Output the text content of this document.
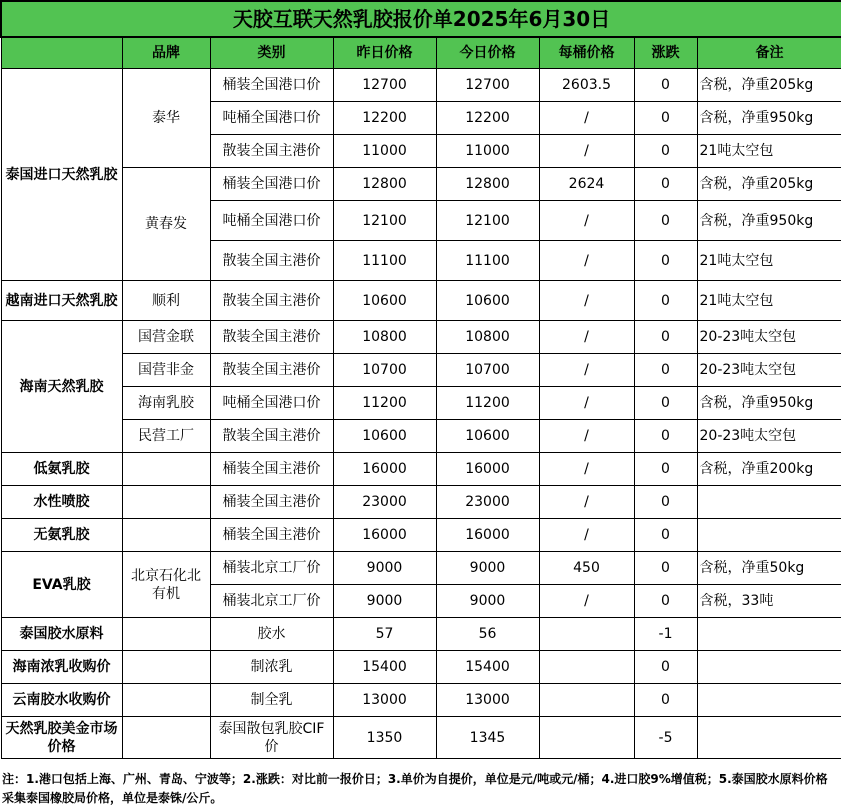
天胶互联天然乳胶报价单2025年6月30日							
	品牌	类别	昨日价格	今日价格	每桶价格	涨跌	备注
泰国进口天然乳胶	泰华	桶装全国港口价	12700	12700	2603.5	0	含税，净重205kg
		吨桶全国港口价	12200	12200	/	0	含税，净重950kg
		散装全国主港价	11000	11000	/	0	21吨太空包
	黄春发	桶装全国港口价	12800	12800	2624	0	含税，净重205kg
		吨桶全国港口价	12100	12100	/	0	含税，净重950kg
		散装全国主港价	11100	11100	/	0	21吨太空包
越南进口天然乳胶	顺利	散装全国主港价	10600	10600	/	0	21吨太空包
海南天然乳胶	国营金联	散装全国主港价	10800	10800	/	0	20-23吨太空包
	国营非金	散装全国主港价	10700	10700	/	0	20-23吨太空包
	海南乳胶	吨桶全国港口价	11200	11200	/	0	含税，净重950kg
	民营工厂	散装全国主港价	10600	10600	/	0	20-23吨太空包
低氨乳胶		桶装全国主港价	16000	16000	/	0	含税，净重200kg
水性喷胶		桶装全国主港价	23000	23000	/	0	
无氨乳胶		桶装全国主港价	16000	16000	/	0	
EVA乳胶	北京石化北有机	桶装北京工厂价	9000	9000	450	0	含税，净重50kg
		桶装北京工厂价	9000	9000	/	0	含税，33吨
泰国胶水原料		胶水	57	56		-1	
海南浓乳收购价		制浓乳	15400	15400		0	
云南胶水收购价		制全乳	13000	13000		0	
天然乳胶美金市场价格		泰国散包乳胶CIF价	1350	1345		-5	
注：1.港口包括上海、广州、青岛、宁波等；2.涨跌：对比前一报价日；3.单价为自提价，单位是元/吨或元/桶；4.进口胶9%增值税；5.泰国胶水原料价格采集泰国橡胶局价格，单位是泰铢/公斤。
